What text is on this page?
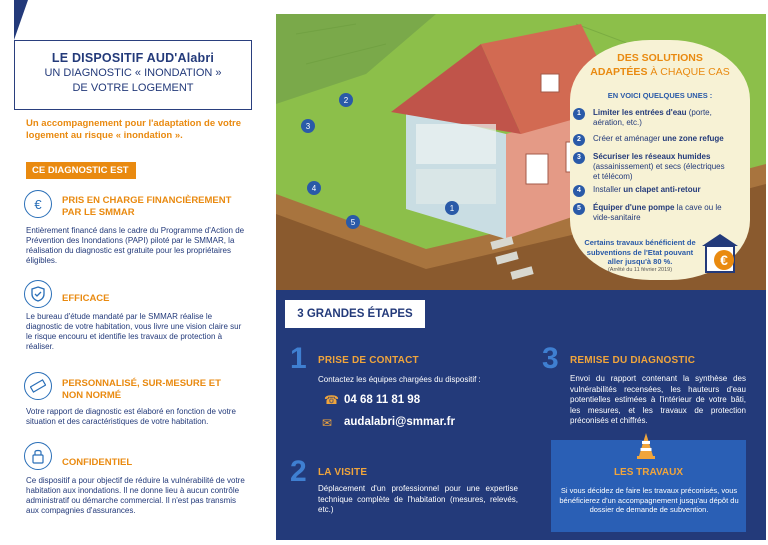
LE DISPOSITIF AUD'Alabri
UN DIAGNOSTIC « INONDATION »
DE VOTRE LOGEMENT
Un accompagnement pour l'adaptation de votre logement au risque « inondation ».
CE DIAGNOSTIC EST
€	PRIS EN CHARGE FINANCIÈREMENT
PAR LE SMMAR
Entièrement financé dans le cadre du Programme d'Action de Prévention des Inondations (PAPI) piloté par le SMMAR, la réalisation du diagnostic est gratuite pour les propriétaires éligibles.
EFFICACE
Le bureau d'étude mandaté par le SMMAR réalise le diagnostic de votre habitation, vous livre une vision claire sur le risque encouru et identifie les travaux de protection à réaliser.
PERSONNALISÉ, SUR-MESURE ET
NON NORMÉ
Votre rapport de diagnostic est élaboré en fonction de votre situation et des caractéristiques de votre habitation.
CONFIDENTIEL
Ce dispositif a pour objectif de réduire la vulnérabilité de votre habitation aux inondations. Il ne donne lieu à aucun contrôle administratif ou démarche commercial. Il n'est pas transmis aux compagnies d'assurances.
2
3
4
5
1
DES SOLUTIONS
ADAPTÉES À CHAQUE CAS
EN VOICI QUELQUES UNES :
1	Limiter les entrées d'eau (porte, aération, etc.)
2	Créer et aménager une zone refuge
3	Sécuriser les réseaux humides (assainissement) et secs (électriques et télécom)
4	Installer un clapet anti-retour
5	Équiper d'une pompe la cave ou le vide-sanitaire
Certains travaux bénéficient de subventions de l'Etat pouvant aller jusqu'à 80 %.
(Arrêté du 11 février 2019)
€
3 GRANDES ÉTAPES
1 PRISE DE CONTACT
Contactez les équipes chargées du dispositif :
☎ 04 68 11 81 98
✉ audalabri@smmar.fr
2 LA VISITE
Déplacement d'un professionnel pour une expertise technique complète de l'habitation (mesures, relevés, etc.)
3 REMISE DU DIAGNOSTIC
Envoi du rapport contenant la synthèse des vulnérabilités recensées, les hauteurs d'eau potentielles estimées à l'intérieur de votre bâti, les mesures, et les travaux de protection préconisés et chiffrés.
LES TRAVAUX
Si vous décidez de faire les travaux préconisés, vous bénéficierez d'un accompagnement jusqu'au dépôt du dossier de demande de subvention.
